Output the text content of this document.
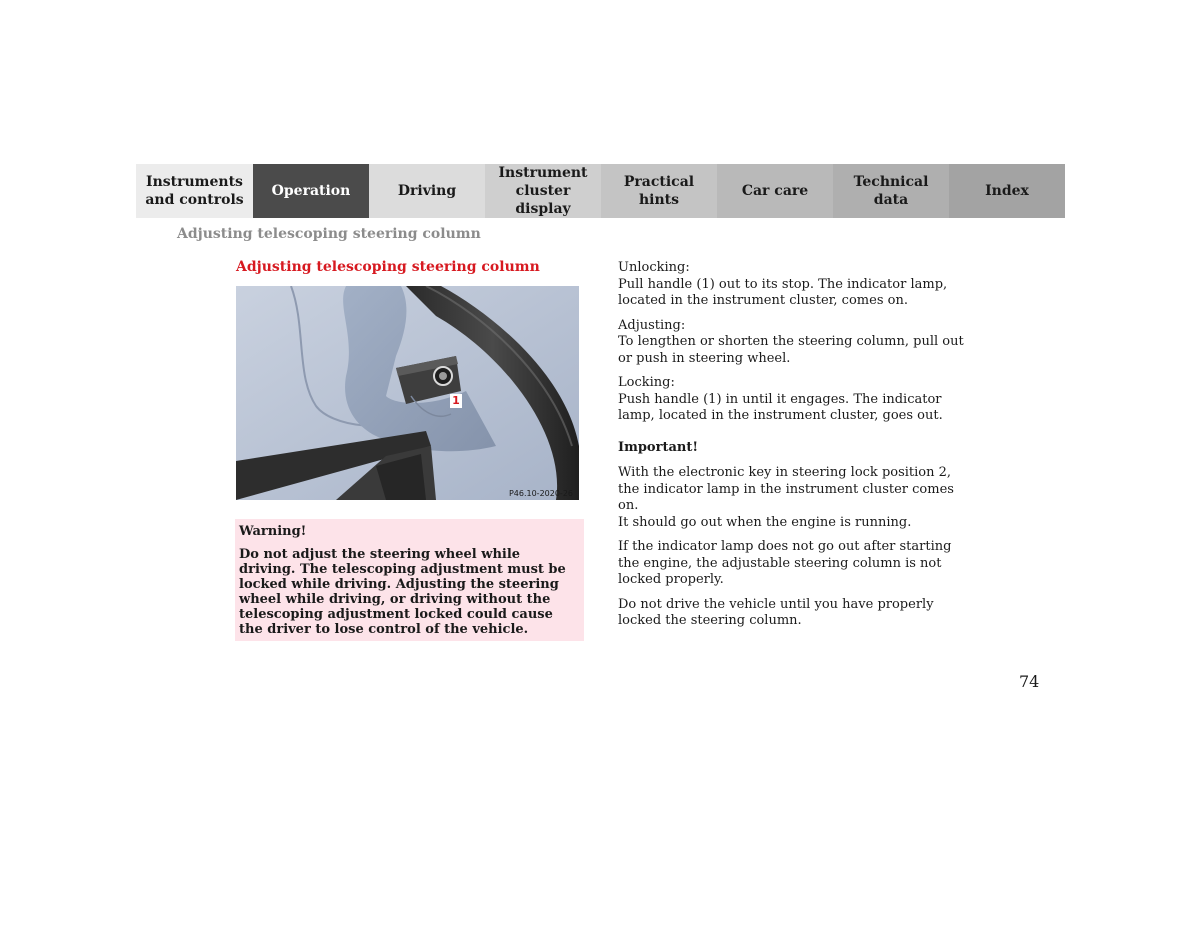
Instruments
and controls
Operation	Driving
Instrument
cluster display
Practical hints
Car care
Technical
data
Index
Adjusting telescoping steering column
Adjusting telescoping steering column
1
P46.10-2020-26
Warning!
Do not adjust the steering wheel while driving. The telescoping adjustment must be locked while driving. Adjusting the steering wheel while driving, or driving without the telescoping adjustment locked could cause the driver to lose control of the vehicle.
Unlocking:

Pull handle (1) out to its stop. The indicator lamp, located in the instrument cluster, comes on.

Adjusting:

To lengthen or shorten the steering column, pull out or push in steering wheel.

Locking:

Push handle (1) in until it engages. The indicator lamp, located in the instrument cluster, goes out.

Important!
With the electronic key in steering lock position 2, the indicator lamp in the instrument cluster comes on.

It should go out when the engine is running.

If the indicator lamp does not go out after starting the engine, the adjustable steering column is not locked properly.

Do not drive the vehicle until you have properly locked the steering column.

74
